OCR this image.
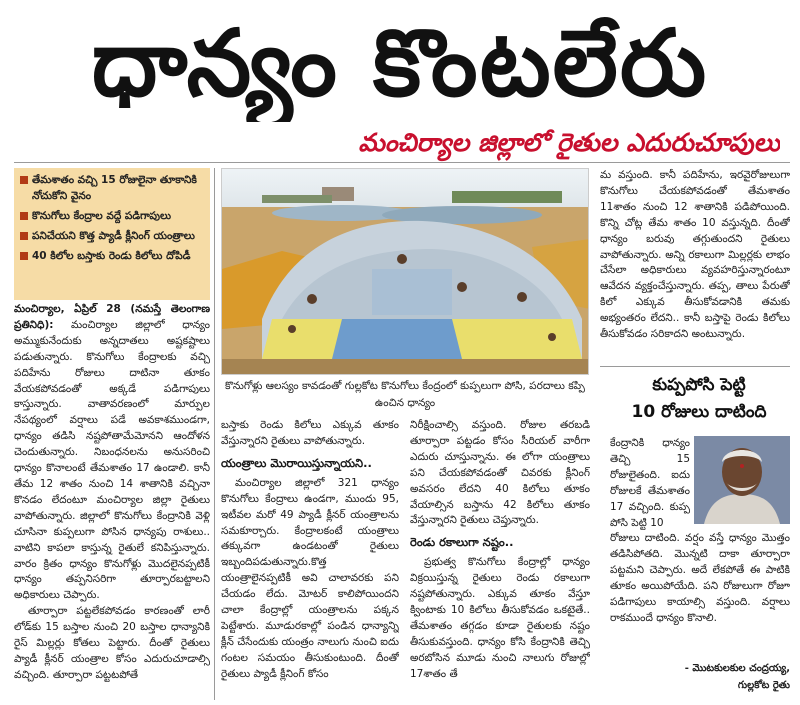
ధాన్యం కొంటలేరు
మంచిర్యాల జిల్లాలో రైతుల ఎదురుచూపులు
తేమశాతం వచ్చి 15 రోజులైనా తూకానికి నోచుకోని వైనం
కొనుగోలు కేంద్రాల వద్దే పడిగాపులు
పనిచేయని కొత్త ప్యాడీ క్లీనింగ్ యంత్రాలు
40 కిలోల బస్తాకు రెండు కిలోలు దోపిడీ
కొనుగోళ్లు ఆలస్యం కావడంతో గుల్లకోట కొనుగోలు కేంద్రంలో కుప్పలుగా పోసి, పరదాలు కప్పి ఉంచిన ధాన్యం

మంచిర్యాల, ఏప్రిల్ 28 (నమస్తే తెలంగాణ ప్రతినిధి): మంచిర్యాల జిల్లాలో ధాన్యం అమ్ముకునేందుకు అన్నదాతలు అష్టకష్టాలు పడుతున్నారు. కొనుగోలు కేంద్రాలకు వచ్చి పదిహేను రోజులు దాటినా తూకం వేయకపోవడంతో అక్కడే పడిగాపులు కాస్తున్నారు. వాతావరణంలో మార్పుల నేపథ్యంలో వర్షాలు పడే అవకాశముండగా, ధాన్యం తడిసి నష్టపోతామేమోనని ఆందోళన చెందుతున్నారు. నిబంధనలను అనుసరించి ధాన్యం కొనాలంటే తేమశాతం 17 ఉండాలి. కానీ తేమ 12 శాతం నుంచి 14 శాతానికి వచ్చినా కొనడం లేదంటూ మంచిర్యాల జిల్లా రైతులు వాపోతున్నారు. జిల్లాలో కొనుగోలు కేంద్రానికి వెళ్లి చూసినా కుప్పలుగా పోసిన ధాన్యపు రాశులు.. వాటిని కాపలా కాస్తున్న రైతులే కనిపిస్తున్నారు. వారం క్రితం ధాన్యం కొనుగోళ్లు మొదలైనప్పటికీ ధాన్యం తప్పనిసరిగా తూర్పారబట్టాలని అధికారులు చెప్పారు.

తూర్పారా పట్టలేకపోవడం కారణంతో లారీ లోడ్‌కు 15 బస్తాల నుంచి 20 బస్తాల ధాన్యానికి రైస్ మిల్లర్లు కోతలు పెట్టారు. దీంతో రైతులు ప్యాడీ క్లీనర్ యంత్రాల కోసం ఎదురుచూడాల్సి వచ్చింది. తూర్పారా పట్టటపోతే

బస్తాకు రెండు కిలోలు ఎక్కువ తూకం వేస్తున్నారని రైతులు వాపోతున్నారు.

యంత్రాలు మొరాయిస్తున్నాయని..

మంచిర్యాల జిల్లాలో 321 ధాన్యం కొనుగోలు కేంద్రాలు ఉండగా, ముందు 95, ఇటీవల మరో 49 ప్యాడీ క్లీనర్ యంత్రాలను సమకూర్చారు. కేంద్రాలకంటే యంత్రాలు తక్కువగా ఉండటంతో రైతులు ఇబ్బందిపడుతున్నారు.కొత్త యంత్రాలైనప్పటికీ అవి చాలావరకు పని చేయడం లేదు. మోటర్ కాలిపోయిందని చాలా కేంద్రాల్లో యంత్రాలను పక్కన పెట్టేశారు. మూడురకాల్లో పండిన ధాన్యాన్ని క్లీన్ చేసేందుకు యంత్రం నాలుగు నుంచి ఐదు గంటల సమయం తీసుకుంటుంది. దీంతో రైతులు ప్యాడీ క్లీనింగ్ కోసం

నిరీక్షించాల్సి వస్తుంది. రోజుల తరబడి తూర్పారా పట్టడం కోసం సీరియల్ వారీగా ఎదురు చూస్తున్నాను. ఈ లోగా యంత్రాలు పని చేయకపోవడంతో చివరకు క్లీనింగ్ అవసరం లేదని 40 కిలోలు తూకం వేయాల్సిన బస్తాను 42 కిలోలు తూకం వేస్తున్నారని రైతులు చెప్తున్నారు.

రెండు రకాలుగా నష్టం..

ప్రభుత్వ కొనుగోలు కేంద్రాల్లో ధాన్యం విక్రయిస్తున్న రైతులు రెండు రకాలుగా నష్టపోతున్నారు. ఎక్కువ తూకం వేస్తూ క్వింటాకు 10 కిలోలు తీసుకోవడం ఒకటైతే.. తేమశాతం తగ్గడం కూడా రైతులకు నష్టం తీసుకువస్తుంది. ధాన్యం కోసి కేంద్రానికి తెచ్చి అరబోసిన మూడు నుంచి నాలుగు రోజుల్లో 17శాతం తే

మ వస్తుంది. కానీ పదిహేను, ఇరవైరోజులుగా కొనుగోలు చేయకపోవడంతో తేమశాతం 11శాతం నుంచి 12 శాతానికి పడిపోయింది. కొన్ని చోట్ల తేమ శాతం 10 వస్తున్నది. దీంతో ధాన్యం బరువు తగ్గుతుందని రైతులు వాపోతున్నారు. అన్ని రకాలుగా మిల్లర్లకు లాభం చేసేలా అధికారులు వ్యవహరిస్తున్నారంటూ ఆవేదన వ్యక్తంచేస్తున్నారు. తప్ప, తాలు పేరుతో కిలో ఎక్కువ తీసుకోవడానికి తమకు అభ్యంతరం లేదని.. కానీ బస్తాపై రెండు కిలోలు తీసుకోవడం సరికాదని అంటున్నారు.

కుప్పపోసి పెట్టి
10 రోజులు దాటింది

కేంద్రానికి ధాన్యం తెచ్చి 15 రోజులైతంది. ఐదు రోజులకే తేమశాతం 17 వచ్చింది. కుప్ప పోసి పెట్టి 10

రోజులు దాటింది. వర్షం వస్తే ధాన్యం మొత్తం తడిసిపోతది. మొన్నటి దాకా తూర్పారా పట్టమని చెప్పారు. అదే లేకపోతే ఈ పాటికి తూకం అయిపోయేది. పని రోజులుగా రోజూ పడిగాపులు కాయాల్సి వస్తుంది. వర్షాలు రాకముందే ధాన్యం కొనాలి.

- మొటకులకుల చంద్రయ్య,
గుల్లకోట రైతు
